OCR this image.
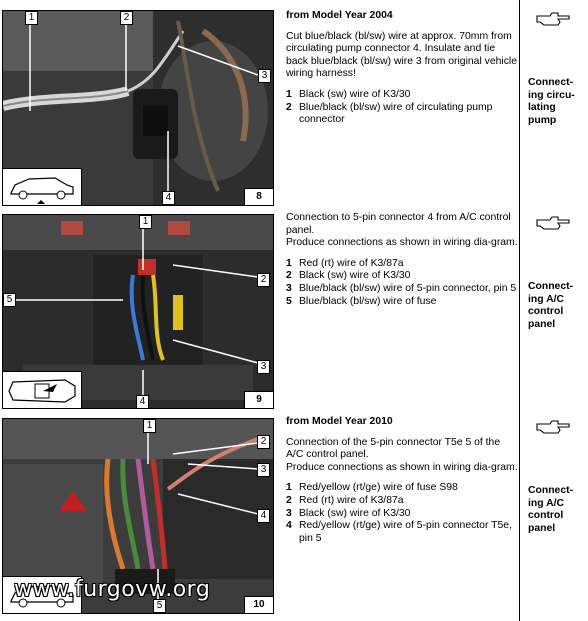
1	2
3
4	8
1
2
3
4
5
9
1
2
3
4
5	10
www.furgovw.org
from Model Year 2004

Cut blue/black (bl/sw) wire at approx. 70mm from circulating pump connector 4. Insulate and tie back blue/black (bl/sw) wire 3 from original vehicle wiring harness!

1 Black (sw) wire of K3/30
2 Blue/black (bl/sw) wire of circulating pump connector

Connection to 5-pin connector 4 from A/C control panel.

Produce connections as shown in wiring dia-gram.

1 Red (rt) wire of K3/87a
2 Black (sw) wire of K3/30
3 Blue/black (bl/sw) wire of 5-pin connector, pin 5
5 Blue/black (bl/sw) wire of fuse
from Model Year 2010

Connection of the 5-pin connector T5e 5 of the A/C control panel.

Produce connections as shown in wiring dia-gram.

1 Red/yellow (rt/ge) wire of fuse S98
2 Red (rt) wire of K3/87a
3 Black (sw) wire of K3/30
4 Red/yellow (rt/ge) wire of 5-pin connector T5e, pin 5
Connect-ing circu-lating pump
Connect-ing A/C control panel
Connect-ing A/C control panel
